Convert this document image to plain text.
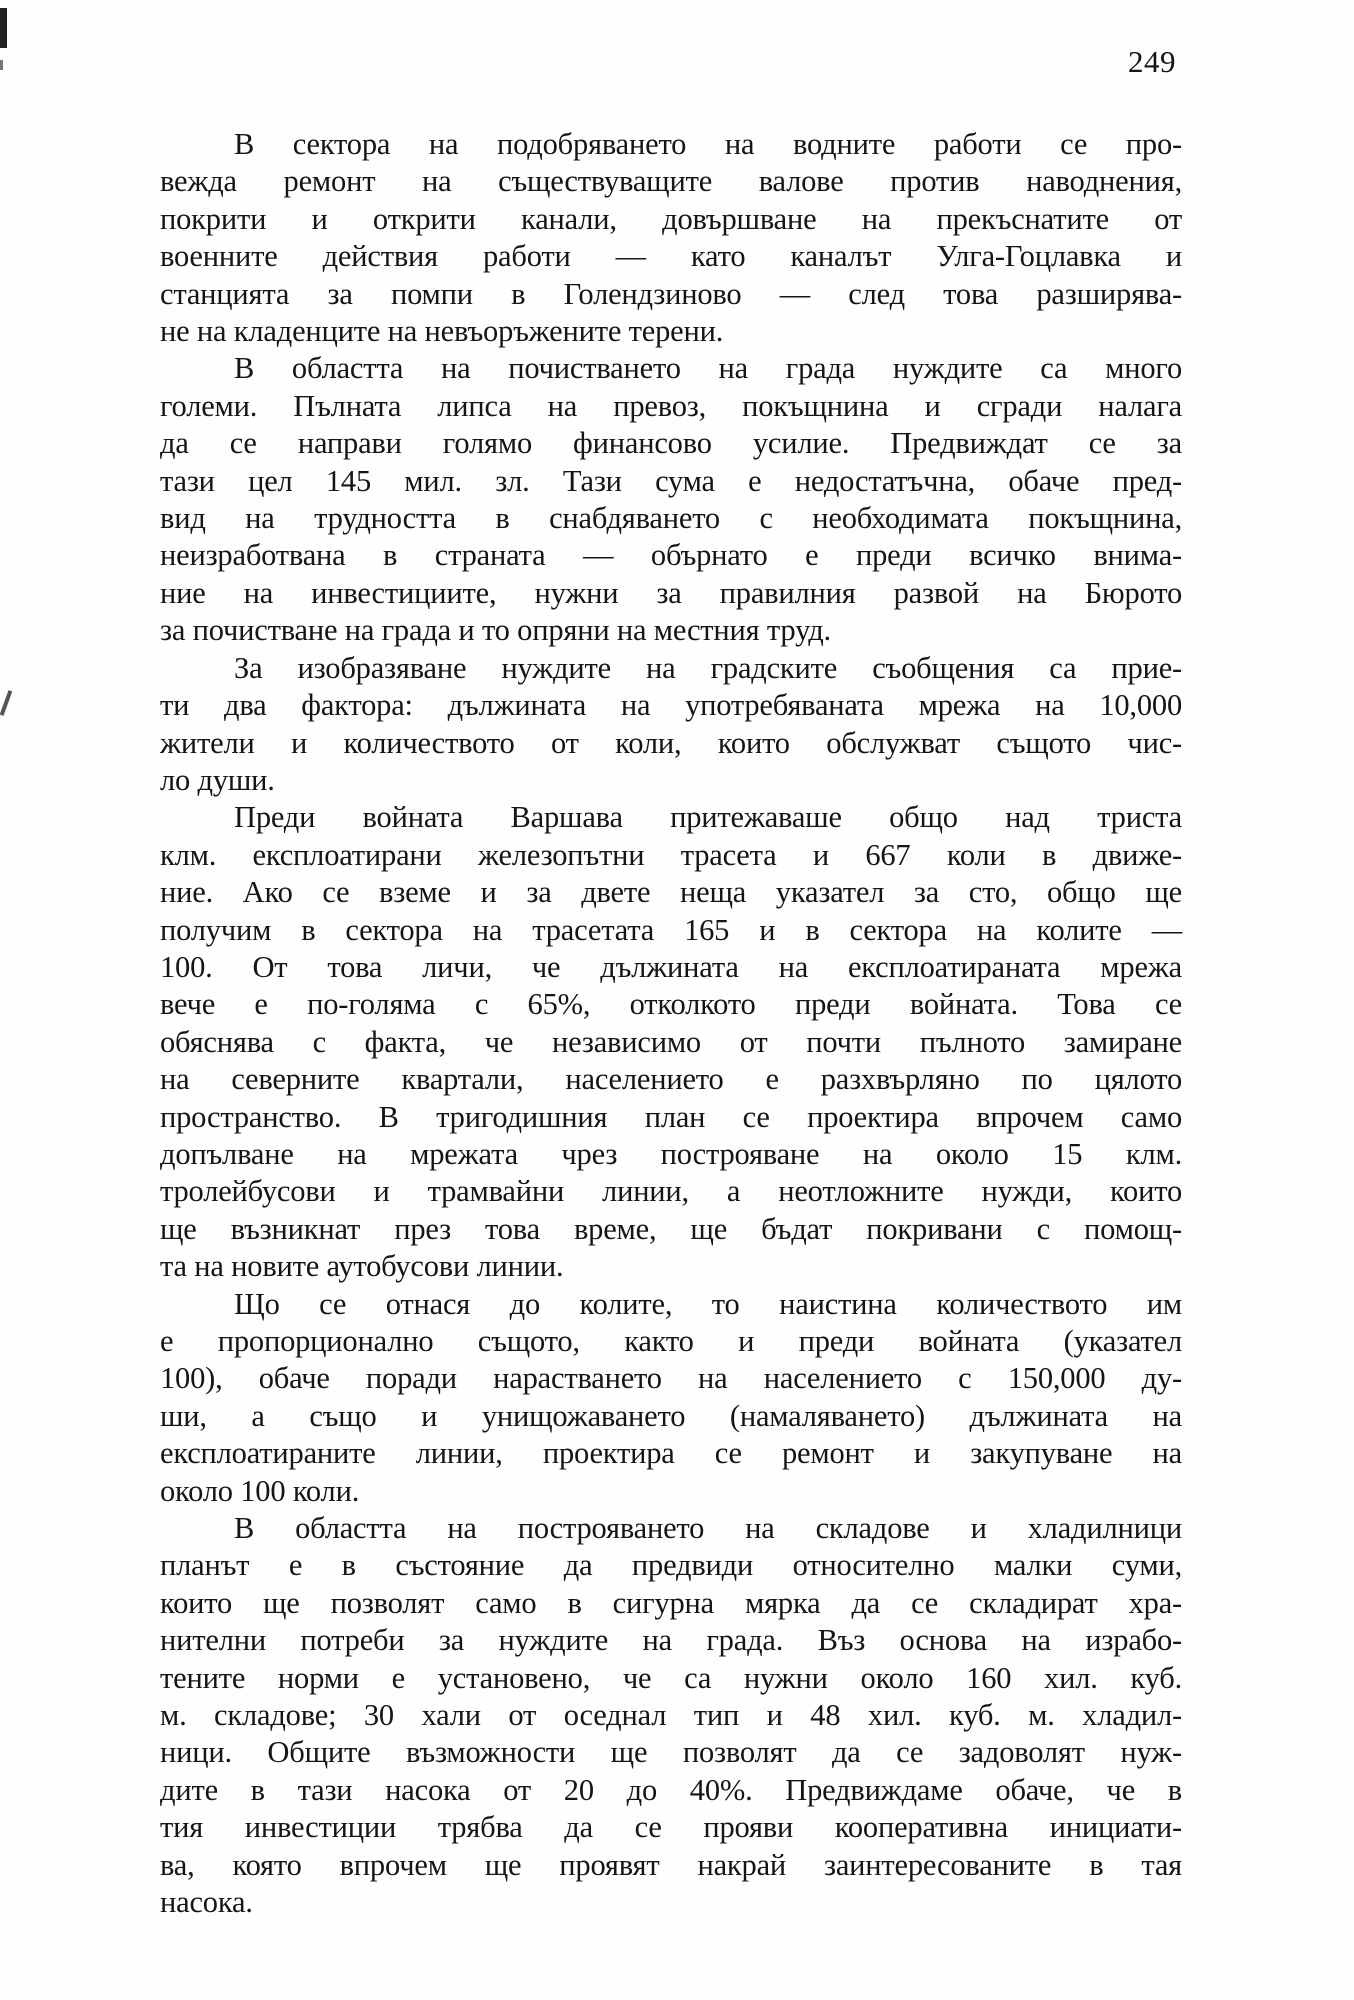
249

В сектора на подобряването на водните работи се про-
вежда ремонт на съществуващите валове против наводнения,
покрити и открити канали, довършване на прекъснатите от
военните действия работи — като каналът Улга-Гоцлавка и
станцията за помпи в Голендзиново — след това разширява-
не на кладенците на невъоръжените терени.

В областта на почистването на града нуждите са много
големи. Пълната липса на превоз, покъщнина и сгради налага
да се направи голямо финансово усилие. Предвиждат се за
тази цел 145 мил. зл. Тази сума е недостатъчна, обаче пред-
вид на трудността в снабдяването с необходимата покъщнина,
неизработвана в страната — обърнато е преди всичко внима-
ние на инвестициите, нужни за правилния развой на Бюрото
за почистване на града и то опряни на местния труд.

За изобразяване нуждите на градските съобщения са прие-
ти два фактора: дължината на употребяваната мрежа на 10,000
жители и количеството от коли, които обслужват същото чис-
ло души.

Преди войната Варшава притежаваше общо над триста
клм. експлоатирани железопътни трасета и 667 коли в движе-
ние. Ако се вземе и за двете неща указател за сто, общо ще
получим в сектора на трасетата 165 и в сектора на колите —
100. От това личи, че дължината на експлоатираната мрежа
вече е по-голяма с 65%, отколкото преди войната. Това се
обяснява с факта, че независимо от почти пълното замиране
на северните квартали, населението е разхвърляно по цялото
пространство. В тригодишния план се проектира впрочем само
допълване на мрежата чрез построяване на около 15 клм.
тролейбусови и трамвайни линии, а неотложните нужди, които
ще възникнат през това време, ще бъдат покривани с помощ-
та на новите аутобусови линии.

Що се отнася до колите, то наистина количеството им
е пропорционално същото, както и преди войната (указател
100), обаче поради нарастването на населението с 150,000 ду-
ши, а също и унищожаването (намаляването) дължината на
експлоатираните линии, проектира се ремонт и закупуване на
около 100 коли.

В областта на построяването на складове и хладилници
планът е в състояние да предвиди относително малки суми,
които ще позволят само в сигурна мярка да се складират хра-
нителни потреби за нуждите на града. Въз основа на израбо-
тените норми е установено, че са нужни около 160 хил. куб.
м. складове; 30 хали от оседнал тип и 48 хил. куб. м. хладил-
ници. Общите възможности ще позволят да се задоволят нуж-
дите в тази насока от 20 до 40%. Предвиждаме обаче, че в
тия инвестиции трябва да се прояви кооперативна инициати-
ва, която впрочем ще проявят накрай заинтересованите в тая
насока.
